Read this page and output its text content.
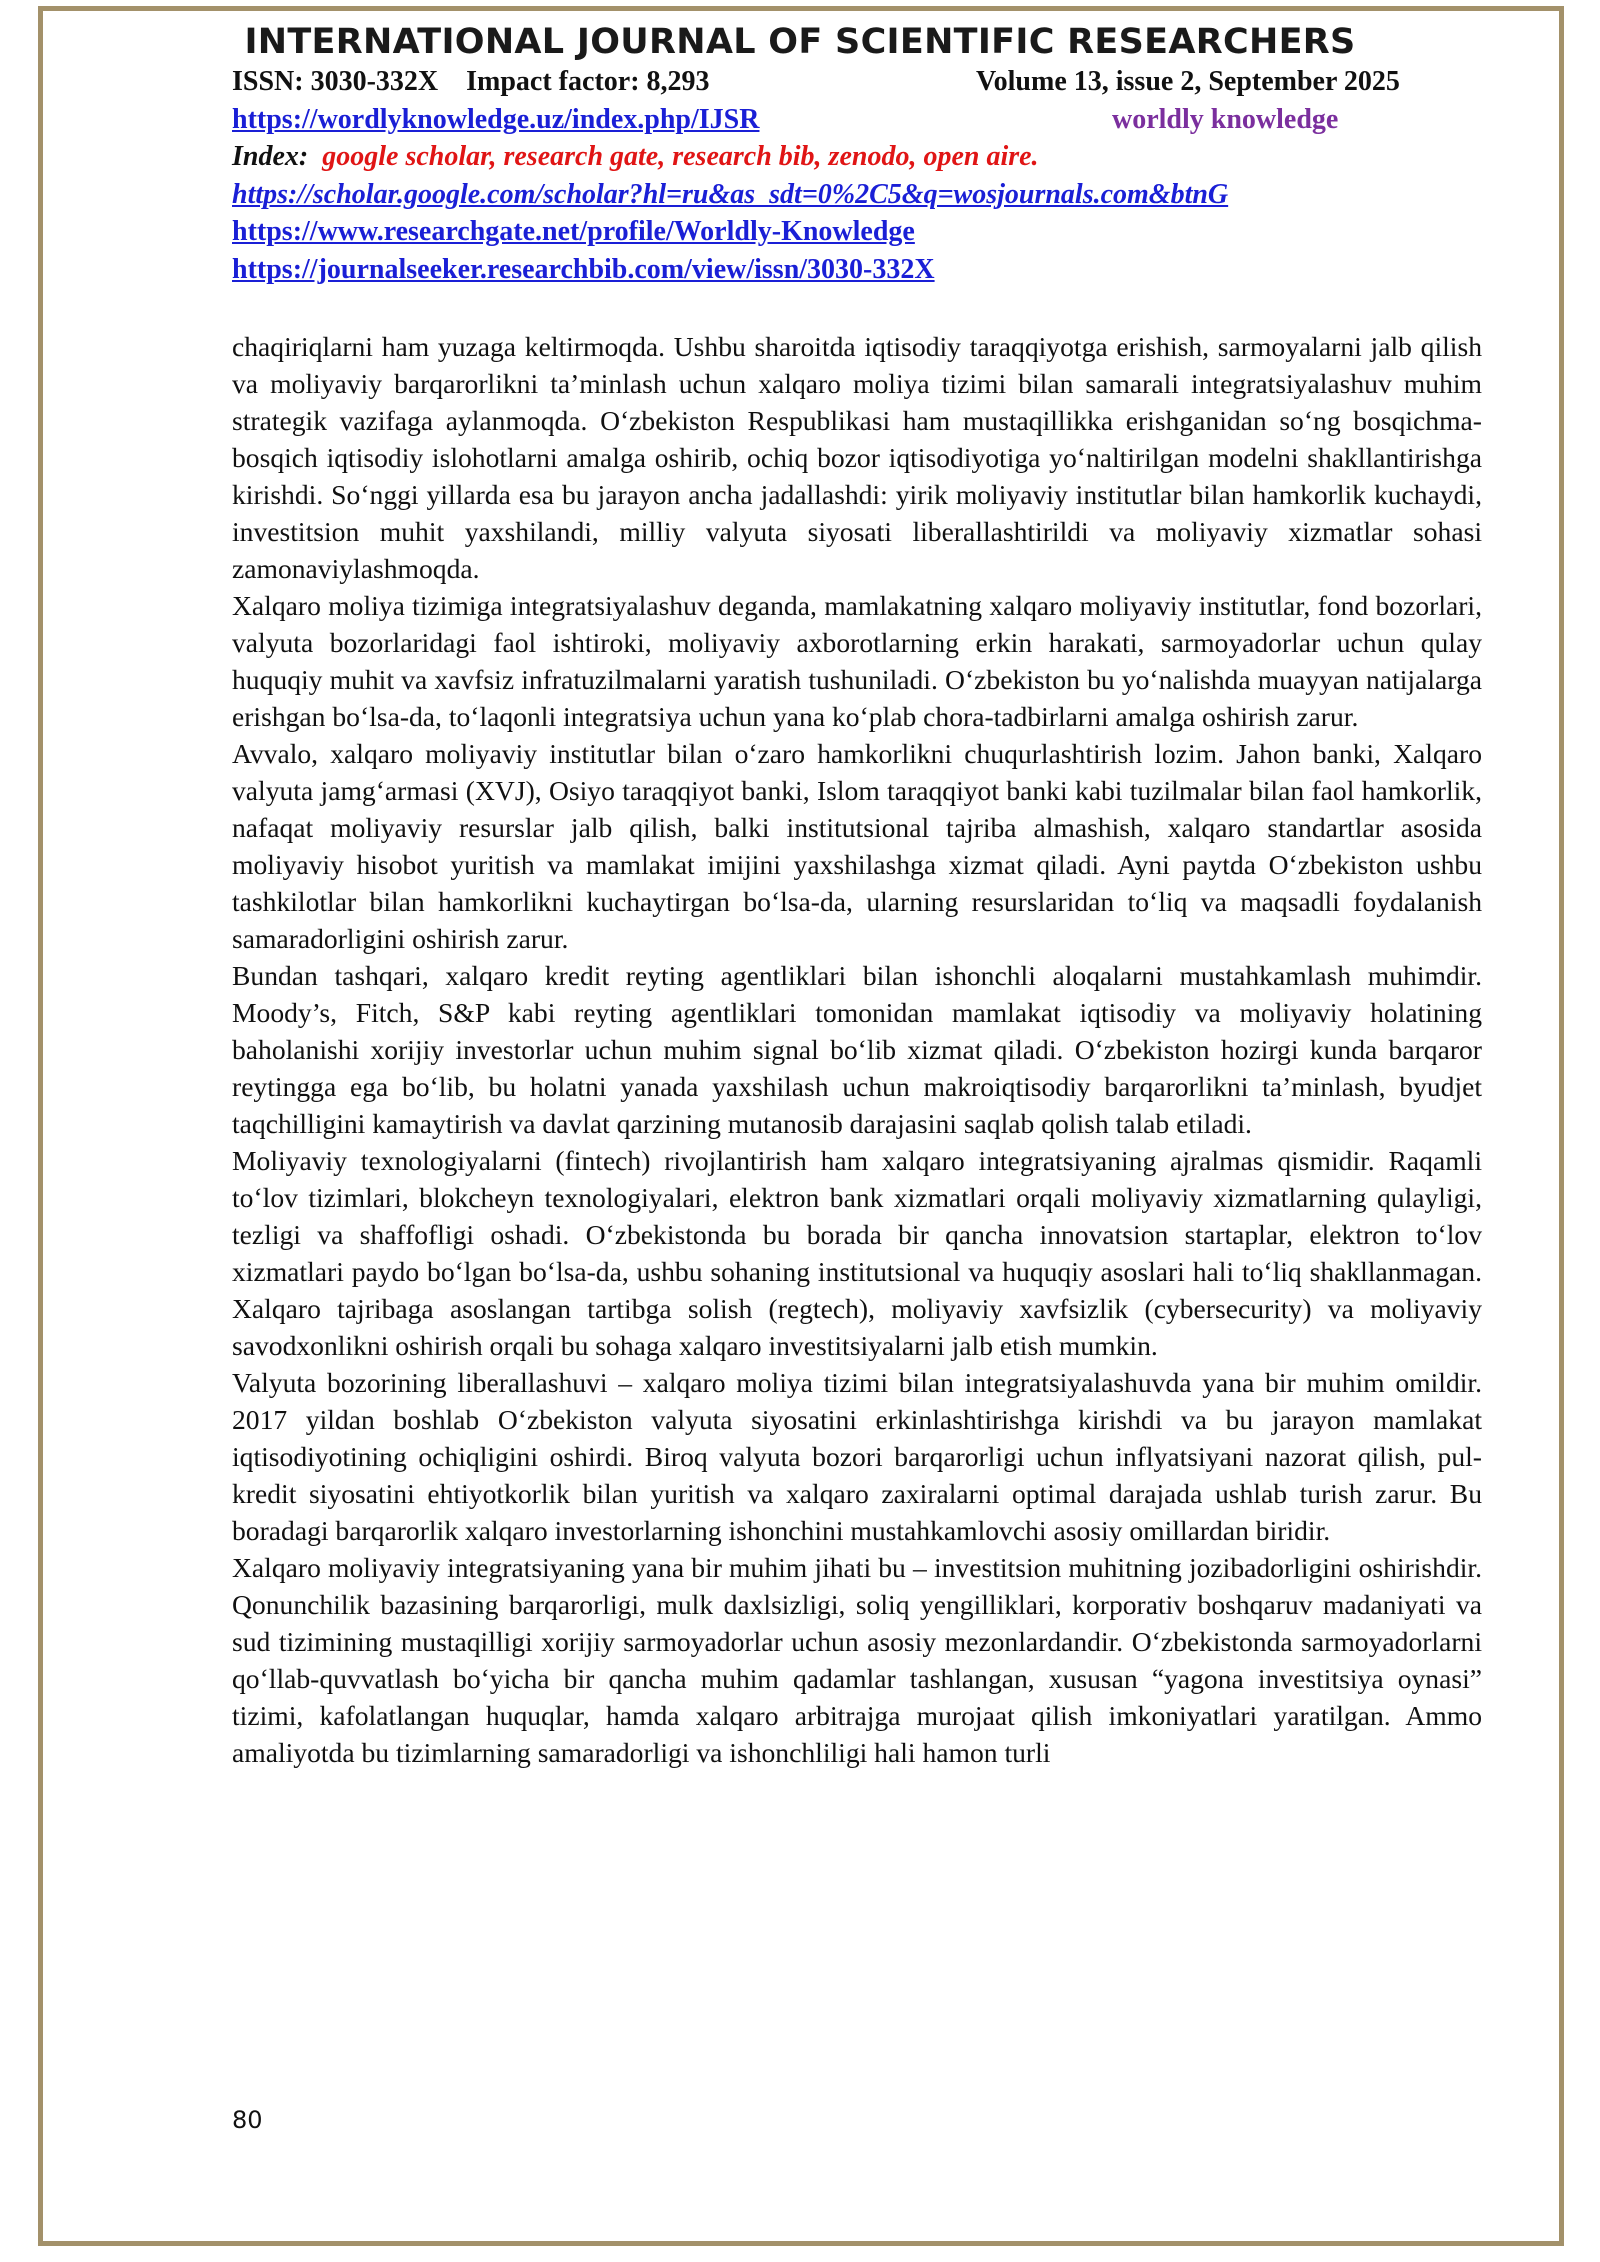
INTERNATIONAL JOURNAL OF SCIENTIFIC RESEARCHERS
ISSN: 3030-332X Impact factor: 8,293	Volume 13, issue 2, September 2025
https://wordlyknowledge.uz/index.php/IJSR	worldly knowledge
Index: google scholar, research gate, research bib, zenodo, open aire.
https://scholar.google.com/scholar?hl=ru&as_sdt=0%2C5&q=wosjournals.com&btnG
https://www.researchgate.net/profile/Worldly-Knowledge
https://journalseeker.researchbib.com/view/issn/3030-332X

chaqiriqlarni ham yuzaga keltirmoqda. Ushbu sharoitda iqtisodiy taraqqiyotga erishish, sarmoyalarni jalb qilish va moliyaviy barqarorlikni ta’minlash uchun xalqaro moliya tizimi bilan samarali integratsiyalashuv muhim strategik vazifaga aylanmoqda. O‘zbekiston Respublikasi ham mustaqillikka erishganidan so‘ng bosqichma-bosqich iqtisodiy islohotlarni amalga oshirib, ochiq bozor iqtisodiyotiga yo‘naltirilgan modelni shakllantirishga kirishdi. So‘nggi yillarda esa bu jarayon ancha jadallashdi: yirik moliyaviy institutlar bilan hamkorlik kuchaydi, investitsion muhit yaxshilandi, milliy valyuta siyosati liberallashtirildi va moliyaviy xizmatlar sohasi zamonaviylashmoqda.

Xalqaro moliya tizimiga integratsiyalashuv deganda, mamlakatning xalqaro moliyaviy institutlar, fond bozorlari, valyuta bozorlaridagi faol ishtiroki, moliyaviy axborotlarning erkin harakati, sarmoyadorlar uchun qulay huquqiy muhit va xavfsiz infratuzilmalarni yaratish tushuniladi. O‘zbekiston bu yo‘nalishda muayyan natijalarga erishgan bo‘lsa-da, to‘laqonli integratsiya uchun yana ko‘plab chora-tadbirlarni amalga oshirish zarur.

Avvalo, xalqaro moliyaviy institutlar bilan o‘zaro hamkorlikni chuqurlashtirish lozim. Jahon banki, Xalqaro valyuta jamg‘armasi (XVJ), Osiyo taraqqiyot banki, Islom taraqqiyot banki kabi tuzilmalar bilan faol hamkorlik, nafaqat moliyaviy resurslar jalb qilish, balki institutsional tajriba almashish, xalqaro standartlar asosida moliyaviy hisobot yuritish va mamlakat imijini yaxshilashga xizmat qiladi. Ayni paytda O‘zbekiston ushbu tashkilotlar bilan hamkorlikni kuchaytirgan bo‘lsa-da, ularning resurslaridan to‘liq va maqsadli foydalanish samaradorligini oshirish zarur.

Bundan tashqari, xalqaro kredit reyting agentliklari bilan ishonchli aloqalarni mustahkamlash muhimdir. Moody’s, Fitch, S&P kabi reyting agentliklari tomonidan mamlakat iqtisodiy va moliyaviy holatining baholanishi xorijiy investorlar uchun muhim signal bo‘lib xizmat qiladi. O‘zbekiston hozirgi kunda barqaror reytingga ega bo‘lib, bu holatni yanada yaxshilash uchun makroiqtisodiy barqarorlikni ta’minlash, byudjet taqchilligini kamaytirish va davlat qarzining mutanosib darajasini saqlab qolish talab etiladi.

Moliyaviy texnologiyalarni (fintech) rivojlantirish ham xalqaro integratsiyaning ajralmas qismidir. Raqamli to‘lov tizimlari, blokcheyn texnologiyalari, elektron bank xizmatlari orqali moliyaviy xizmatlarning qulayligi, tezligi va shaffofligi oshadi. O‘zbekistonda bu borada bir qancha innovatsion startaplar, elektron to‘lov xizmatlari paydo bo‘lgan bo‘lsa-da, ushbu sohaning institutsional va huquqiy asoslari hali to‘liq shakllanmagan. Xalqaro tajribaga asoslangan tartibga solish (regtech), moliyaviy xavfsizlik (cybersecurity) va moliyaviy savodxonlikni oshirish orqali bu sohaga xalqaro investitsiyalarni jalb etish mumkin.

Valyuta bozorining liberallashuvi – xalqaro moliya tizimi bilan integratsiyalashuvda yana bir muhim omildir. 2017 yildan boshlab O‘zbekiston valyuta siyosatini erkinlashtirishga kirishdi va bu jarayon mamlakat iqtisodiyotining ochiqligini oshirdi. Biroq valyuta bozori barqarorligi uchun inflyatsiyani nazorat qilish, pul-kredit siyosatini ehtiyotkorlik bilan yuritish va xalqaro zaxiralarni optimal darajada ushlab turish zarur. Bu boradagi barqarorlik xalqaro investorlarning ishonchini mustahkamlovchi asosiy omillardan biridir.

Xalqaro moliyaviy integratsiyaning yana bir muhim jihati bu – investitsion muhitning jozibadorligini oshirishdir. Qonunchilik bazasining barqarorligi, mulk daxlsizligi, soliq yengilliklari, korporativ boshqaruv madaniyati va sud tizimining mustaqilligi xorijiy sarmoyadorlar uchun asosiy mezonlardandir. O‘zbekistonda sarmoyadorlarni qo‘llab-quvvatlash bo‘yicha bir qancha muhim qadamlar tashlangan, xususan “yagona investitsiya oynasi” tizimi, kafolatlangan huquqlar, hamda xalqaro arbitrajga murojaat qilish imkoniyatlari yaratilgan. Ammo amaliyotda bu tizimlarning samaradorligi va ishonchliligi hali hamon turli

80
